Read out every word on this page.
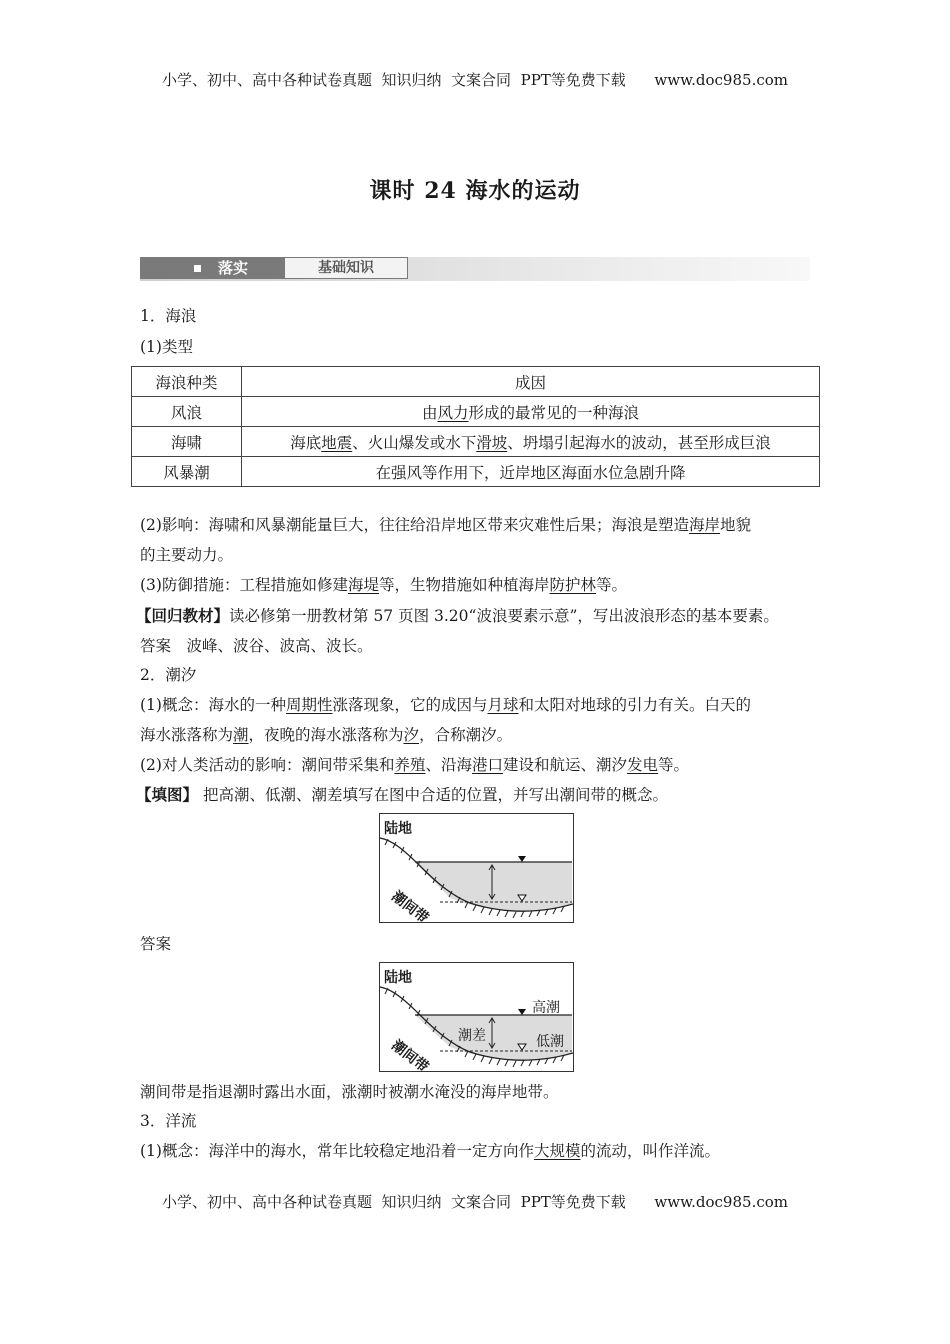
小学、初中、高中各种试卷真题  知识归纳  文案合同  PPT等免费下载      www.doc985.com
课时 24 海水的运动
落实	基础知识
1．海浪
(1)类型
海浪种类	成因
风浪	由风力形成的最常见的一种海浪
海啸	海底地震、火山爆发或水下滑坡、坍塌引起海水的波动，甚至形成巨浪
风暴潮	在强风等作用下，近岸地区海面水位急剧升降
(2)影响：海啸和风暴潮能量巨大，往往给沿岸地区带来灾难性后果；海浪是塑造海岸地貌
的主要动力。
(3)防御措施：工程措施如修建海堤等，生物措施如种植海岸防护林等。
【回归教材】读必修第一册教材第 57 页图 3.20“波浪要素示意”，写出波浪形态的基本要素。
答案　 波峰、波谷、波高、波长。
2．潮汐
(1)概念：海水的一种周期性涨落现象，它的成因与月球和太阳对地球的引力有关。白天的
海水涨落称为潮，夜晚的海水涨落称为汐，合称潮汐。
(2)对人类活动的影响：潮间带采集和养殖、沿海港口建设和航运、潮汐发电等。
【填图】 把高潮、低潮、潮差填写在图中合适的位置，并写出潮间带的概念。
陆地
潮间带
答案
陆地
潮间带
高潮
低潮
潮差
潮间带是指退潮时露出水面，涨潮时被潮水淹没的海岸地带。
3．洋流
(1)概念：海洋中的海水，常年比较稳定地沿着一定方向作大规模的流动，叫作洋流。
小学、初中、高中各种试卷真题  知识归纳  文案合同  PPT等免费下载      www.doc985.com
